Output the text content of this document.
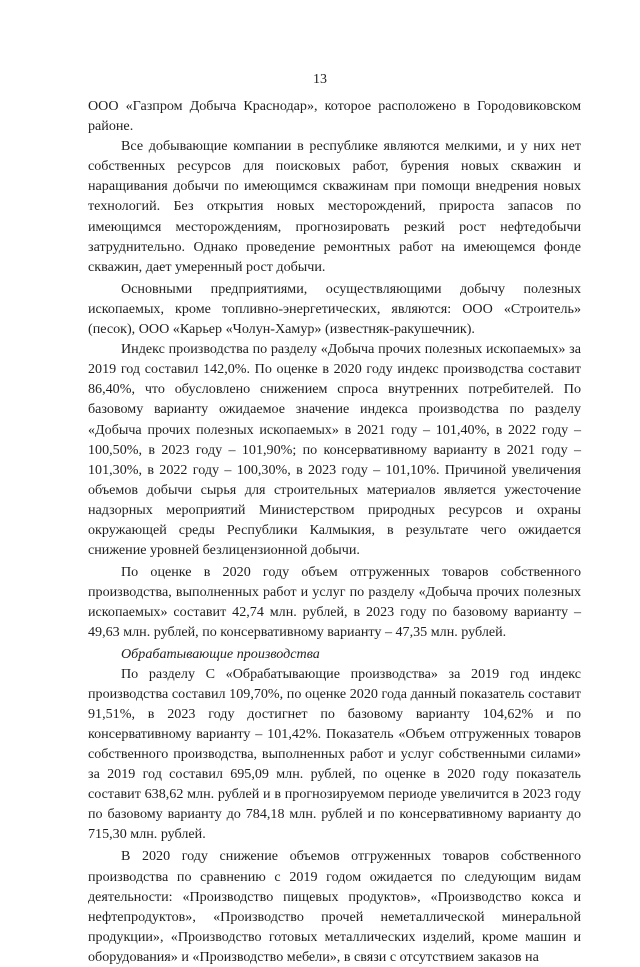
13

ООО «Газпром Добыча Краснодар», которое расположено в Городовиковском районе.

Все добывающие компании в республике являются мелкими, и у них нет собственных ресурсов для поисковых работ, бурения новых скважин и наращивания добычи по имеющимся скважинам при помощи внедрения новых технологий. Без открытия новых месторождений, прироста запасов по имеющимся месторождениям, прогнозировать резкий рост нефтедобычи затруднительно. Однако проведение ремонтных работ на имеющемся фонде скважин, дает умеренный рост добычи.

Основными предприятиями, осуществляющими добычу полезных ископаемых, кроме топливно-энергетических, являются: ООО «Строитель» (песок), ООО «Карьер «Чолун-Хамур» (известняк-ракушечник).

Индекс производства по разделу «Добыча прочих полезных ископаемых» за 2019 год составил 142,0%. По оценке в 2020 году индекс производства составит 86,40%, что обусловлено снижением спроса внутренних потребителей. По базовому варианту ожидаемое значение индекса производства по разделу «Добыча прочих полезных ископаемых» в 2021 году – 101,40%, в 2022 году – 100,50%, в 2023 году – 101,90%; по консервативному варианту в 2021 году – 101,30%, в 2022 году – 100,30%, в 2023 году – 101,10%. Причиной увеличения объемов добычи сырья для строительных материалов является ужесточение надзорных мероприятий Министерством природных ресурсов и охраны окружающей среды Республики Калмыкия, в результате чего ожидается снижение уровней безлицензионной добычи.

По оценке в 2020 году объем отгруженных товаров собственного производства, выполненных работ и услуг по разделу «Добыча прочих полезных ископаемых» составит 42,74 млн. рублей, в 2023 году по базовому варианту – 49,63 млн. рублей, по консервативному варианту – 47,35 млн. рублей.

Обрабатывающие производства

По разделу С «Обрабатывающие производства» за 2019 год индекс производства составил 109,70%, по оценке 2020 года данный показатель составит 91,51%, в 2023 году достигнет по базовому варианту 104,62% и по консервативному варианту – 101,42%. Показатель «Объем отгруженных товаров собственного производства, выполненных работ и услуг собственными силами» за 2019 год составил 695,09 млн. рублей, по оценке в 2020 году показатель составит 638,62 млн. рублей и в прогнозируемом периоде увеличится в 2023 году по базовому варианту до 784,18 млн. рублей и по консервативному варианту до 715,30 млн. рублей.

В 2020 году снижение объемов отгруженных товаров собственного производства по сравнению с 2019 годом ожидается по следующим видам деятельности: «Производство пищевых продуктов», «Производство кокса и нефтепродуктов», «Производство прочей неметаллической минеральной продукции», «Производство готовых металлических изделий, кроме машин и оборудования» и «Производство мебели», в связи с отсутствием заказов на
